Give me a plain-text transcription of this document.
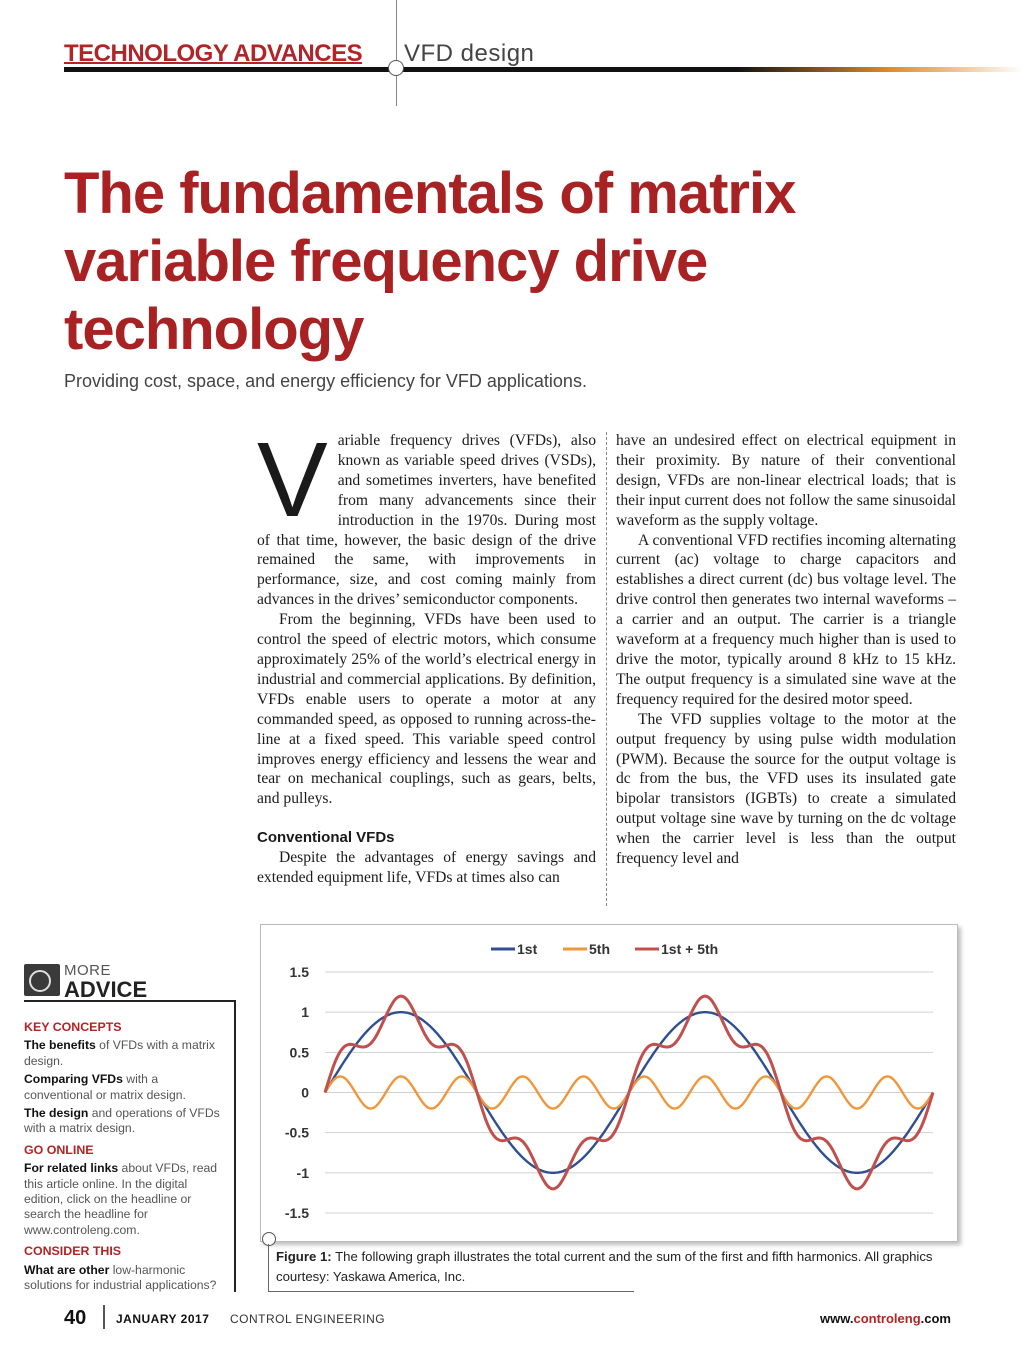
TECHNOLOGY ADVANCES VFD design
The fundamentals of matrix variable frequency drive technology
Providing cost, space, and energy efficiency for VFD applications.

Variable frequency drives (VFDs), also known as variable speed drives (VSDs), and sometimes inverters, have benefited from many advancements since their introduction in the 1970s. During most of that time, however, the basic design of the drive remained the same, with improvements in performance, size, and cost coming mainly from advances in the drives’ semiconductor components.

From the beginning, VFDs have been used to control the speed of electric motors, which consume approximately 25% of the world’s electrical energy in industrial and commercial applications. By definition, VFDs enable users to operate a motor at any commanded speed, as opposed to running across-the-line at a fixed speed. This variable speed control improves energy efficiency and lessens the wear and tear on mechanical couplings, such as gears, belts, and pulleys.

Conventional VFDs

Despite the advantages of energy savings and extended equipment life, VFDs at times also can

have an undesired effect on electrical equipment in their proximity. By nature of their conventional design, VFDs are non-linear electrical loads; that is their input current does not follow the same sinusoidal waveform as the supply voltage.

A conventional VFD rectifies incoming alternating current (ac) voltage to charge capacitors and establishes a direct current (dc) bus voltage level. The drive control then generates two internal waveforms – a carrier and an output. The carrier is a triangle waveform at a frequency much higher than is used to drive the motor, typically around 8 kHz to 15 kHz. The output frequency is a simulated sine wave at the frequency required for the desired motor speed.

The VFD supplies voltage to the motor at the output frequency by using pulse width modulation (PWM). Because the source for the output voltage is dc from the bus, the VFD uses its insulated gate bipolar transistors (IGBTs) to create a simulated output voltage sine wave by turning on the dc voltage when the carrier level is less than the output frequency level and

MORE
ADVICE
KEY CONCEPTS
The benefits of VFDs with a matrix design.
Comparing VFDs with a conventional or matrix design.
The design and operations of VFDs with a matrix design.
GO ONLINE
For related links about VFDs, read this article online. In the digital edition, click on the headline or search the headline for www.controleng.com.
CONSIDER THIS
What are other low-harmonic solutions for industrial applications?
1.5
1
0.5
0
-0.5
-1
-1.5
1st	5th	1st + 5th
Figure 1: The following graph illustrates the total current and the sum of the first and fifth harmonics. All graphics courtesy: Yaskawa America, Inc.
40 JANUARY 2017 CONTROL ENGINEERING	www.controleng.com
